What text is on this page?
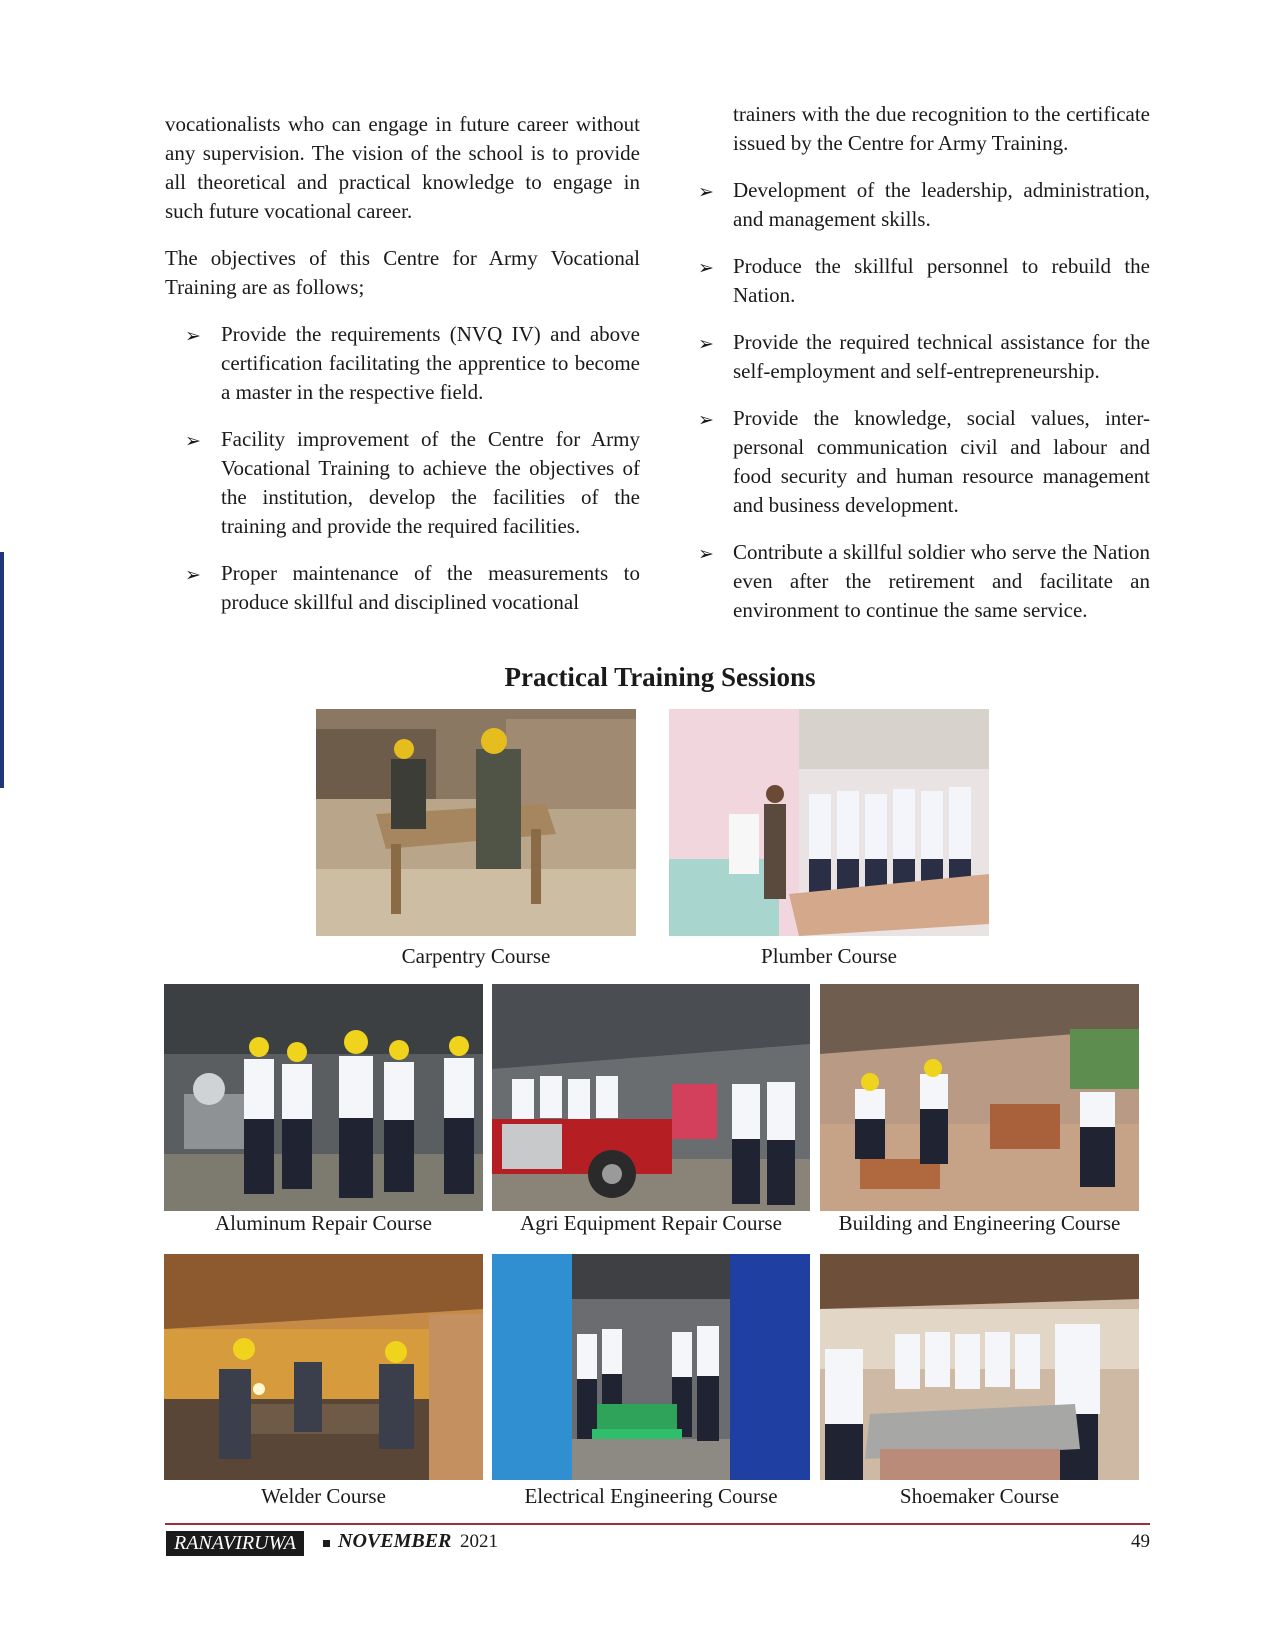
vocationalists who can engage in future career without any supervision. The vision of the school is to provide all theoretical and practical knowledge to engage in such future vocational career.

The objectives of this Centre for Army Vocational Training are as follows;

➢ Provide the requirements (NVQ IV) and above certification facilitating the apprentice to become a master in the respective field.
➢ Facility improvement of the Centre for Army Vocational Training to achieve the objectives of the institution, develop the facilities of the training and provide the required facilities.
➢ Proper maintenance of the measurements to produce skillful and disciplined vocational

trainers with the due recognition to the certificate issued by the Centre for Army Training.

➢ Development of the leadership, administration, and management skills.
➢ Produce the skillful personnel to rebuild the Nation.
➢ Provide the required technical assistance for the self-employment and self-entrepreneurship.
➢ Provide the knowledge, social values, inter-personal communication civil and labour and food security and human resource management and business development.
➢ Contribute a skillful soldier who serve the Nation even after the retirement and facilitate an environment to continue the same service.
Practical Training Sessions
Carpentry Course	Plumber Course
Aluminum Repair Course	Agri Equipment Repair Course	Building and Engineering Course
Welder Course	Electrical Engineering Course	Shoemaker Course
RANAVIRUWA	NOVEMBER 2021	49
